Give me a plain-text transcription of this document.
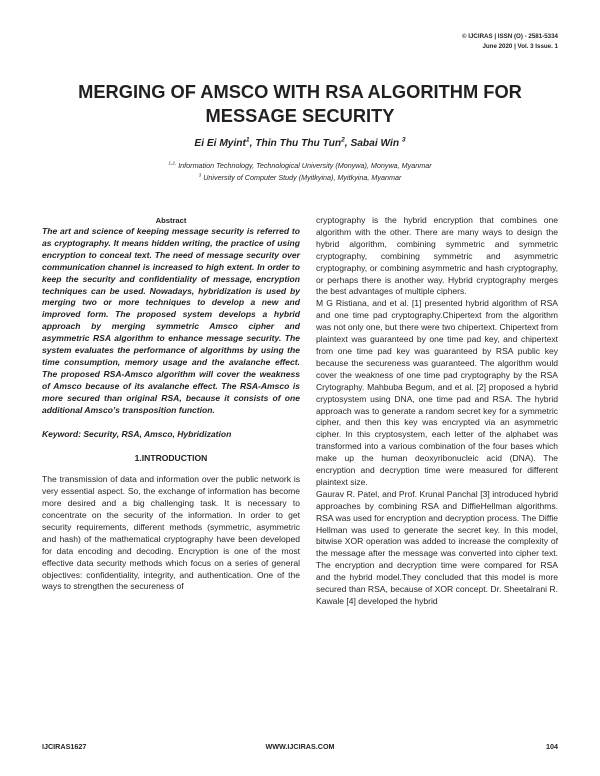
© IJCIRAS | ISSN (O) - 2581-5334
June 2020 | Vol. 3 Issue. 1
MERGING OF AMSCO WITH RSA ALGORITHM FOR MESSAGE SECURITY
Ei Ei Myint$^1$, Thin Thu Thu Tun$^2$, Sabai Win $^3$
$^{1,2,}$ Information Technology, Technological University (Monywa), Monywa, Myanmar
$^3$ University of Computer Study (Myitkyina), Myitkyina, Myanmar

Abstract

The art and science of keeping message security is referred to as cryptography. It means hidden writing, the practice of using encryption to conceal text. The need of message security over communication channel is increased to high extent. In order to keep the security and confidentiality of message, encryption techniques can be used. Nowadays, hybridization is used by merging two or more techniques to develop a new and improved form. The proposed system develops a hybrid approach by merging symmetric Amsco cipher and asymmetric RSA algorithm to enhance message security. The system evaluates the performance of algorithms by using the time consumption, memory usage and the avalanche effect. The proposed RSA-Amsco algorithm will cover the weakness of Amsco because of its avalanche effect. The RSA-Amsco is more secured than original RSA, because it consists of one additional Amsco’s transposition function.

Keyword: Security, RSA, Amsco, Hybridization

1.INTRODUCTION

The transmission of data and information over the public network is very essential aspect. So, the exchange of information has become more desired and a big challenging task. It is necessary to concentrate on the security of the information. In order to get security requirements, different methods (symmetric, asymmetric and hash) of the mathematical cryptography have been developed for data encoding and decoding. Encryption is one of the most effective data security methods which focus on a series of general objectives: confidentiality, integrity, and authentication. One of the ways to strengthen the secureness of

cryptography is the hybrid encryption that combines one algorithm with the other. There are many ways to design the hybrid algorithm, combining symmetric and symmetric cryptography, combining symmetric and asymmetric cryptography, or combining asymmetric and hash cryptography, or perhaps there is another way. Hybrid cryptography merges the best advantages of multiple ciphers.

M G Ristiana, and et al. [1] presented hybrid algorithm of RSA and one time pad cryptography.Chipertext from the algorithm was not only one, but there were two chipertext. Chipertext from plaintext was guaranteed by one time pad key, and chipertext from one time pad key was guaranteed by RSA public key because the secureness was guaranteed. The algorithm would cover the weakness of one time pad cryptography by the RSA Crytography. Mahbuba Begum, and et al. [2] proposed a hybrid cryptosystem using DNA, one time pad and RSA. The hybrid approach was to generate a random secret key for a symmetric cipher, and then this key was encrypted via an asymmetric cipher. In this cryptosystem, each letter of the alphabet was transformed into a various combination of the four bases which make up the human deoxyribonucleic acid (DNA). The encryption and decryption time were measured for different plaintext size.

Gaurav R. Patel, and Prof. Krunal Panchal [3] introduced hybrid approaches by combining RSA and DiffieHellman algorithms. RSA was used for encryption and decryption process. The Diffie Hellman was used to generate the secret key. In this model, bitwise XOR operation was added to increase the complexity of the message after the message was converted into cipher text. The encryption and decryption time were compared for RSA and the hybrid model.They concluded that this model is more secured than RSA, because of XOR concept. Dr. Sheetalrani R. Kawale [4] developed the hybrid

IJCIRAS1627	WWW.IJCIRAS.COM	104
